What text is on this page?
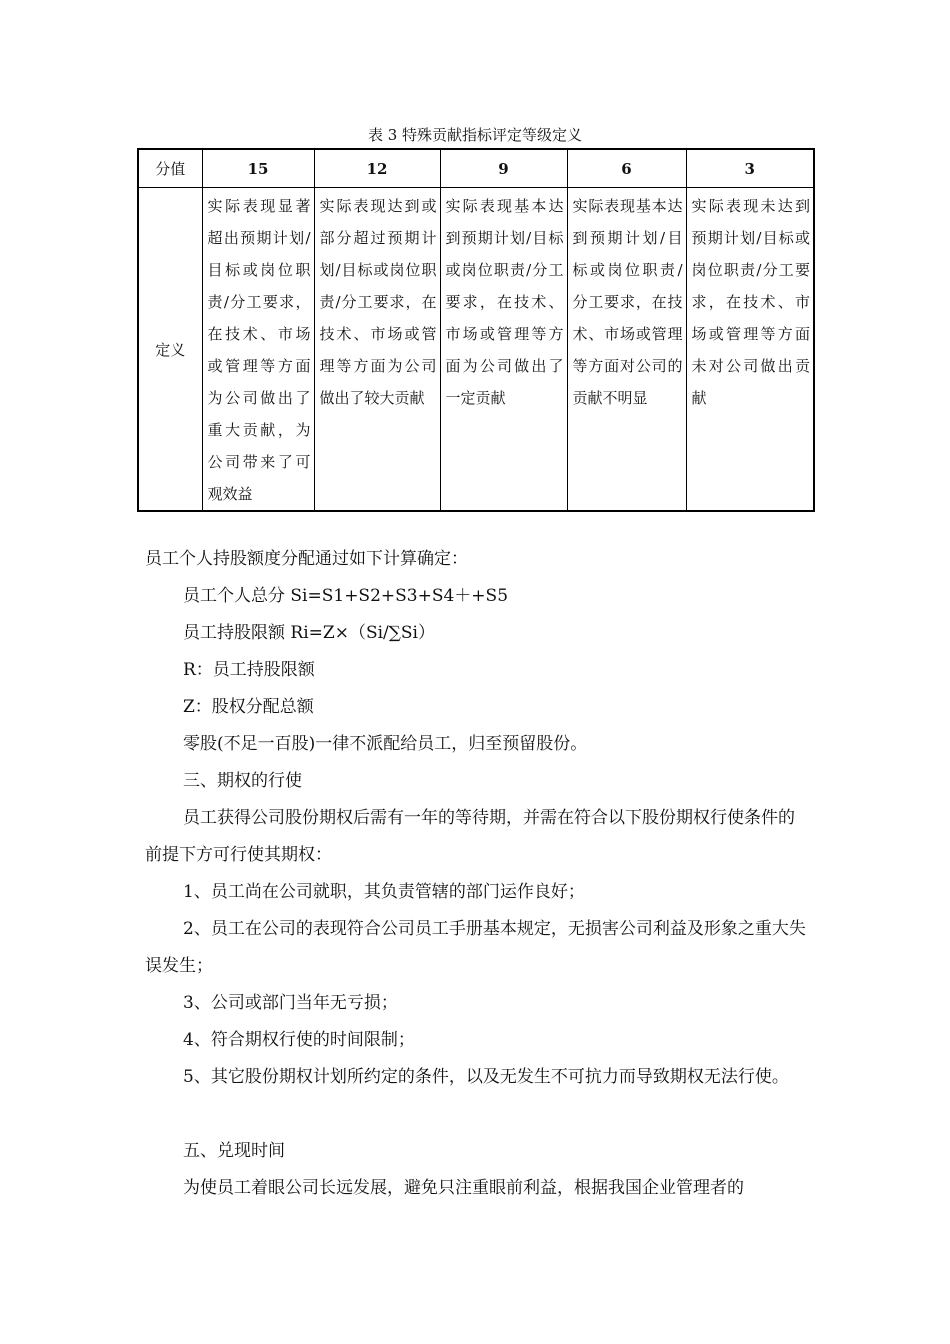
表 3 特殊贡献指标评定等级定义
分值	15	12	9	6	3
定义	实际表现显著超出预期计划/目标或岗位职责/分工要求，在技术、市场或管理等方面为公司做出了重大贡献，为公司带来了可观效益	实际表现达到或部分超过预期计划/目标或岗位职责/分工要求，在技术、市场或管理等方面为公司做出了较大贡献	实际表现基本达到预期计划/目标或岗位职责/分工要求，在技术、市场或管理等方面为公司做出了一定贡献	实际表现基本达到预期计划/目标或岗位职责/分工要求，在技术、市场或管理等方面对公司的贡献不明显	实际表现未达到预期计划/目标或岗位职责/分工要求，在技术、市场或管理等方面未对公司做出贡献

员工个人持股额度分配通过如下计算确定：

员工个人总分 Si=S1+S2+S3+S4＋+S5

员工持股限额 Ri=Z×（Si/∑Si）

R：员工持股限额

Z：股权分配总额

零股(不足一百股)一律不派配给员工，归至预留股份。

三、期权的行使

员工获得公司股份期权后需有一年的等待期，并需在符合以下股份期权行使条件的前提下方可行使其期权：

1、员工尚在公司就职，其负责管辖的部门运作良好；

2、员工在公司的表现符合公司员工手册基本规定，无损害公司利益及形象之重大失误发生；

3、公司或部门当年无亏损；

4、符合期权行使的时间限制；

5、其它股份期权计划所约定的条件，以及无发生不可抗力而导致期权无法行使。

五、兑现时间

为使员工着眼公司长远发展，避免只注重眼前利益，根据我国企业管理者的
